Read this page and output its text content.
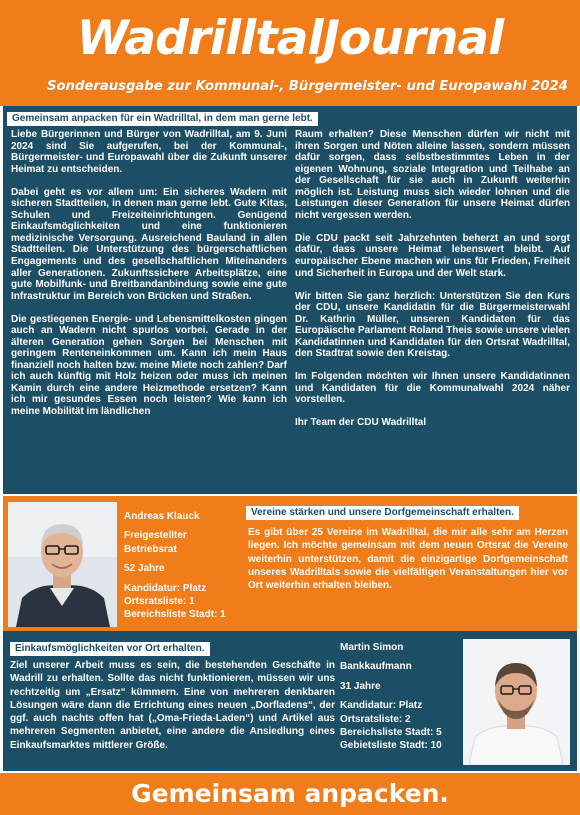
WadrilltalJournal
Sonderausgabe zur Kommunal-, Bürgermeister- und Europawahl 2024
Gemeinsam anpacken für ein Wadrilltal, in dem man gerne lebt.

Liebe Bürgerinnen und Bürger von Wadrilltal, am 9. Juni 2024 sind Sie aufgerufen, bei der Kommunal-, Bürgermeister- und Europawahl über die Zukunft unserer Heimat zu entscheiden.

Dabei geht es vor allem um: Ein sicheres Wadern mit sicheren Stadtteilen, in denen man gerne lebt. Gute Kitas, Schulen und Freizeiteinrichtungen. Genügend Einkaufsmöglichkeiten und eine funktionieren medizinische Versorgung. Ausreichend Bauland in allen Stadtteilen. Die Unterstützung des bürgerschaftlichen Engagements und des gesellschaftlichen Miteinanders aller Generationen. Zukunftssichere Arbeitsplätze, eine gute Mobilfunk- und Breitbandanbindung sowie eine gute Infrastruktur im Bereich von Brücken und Straßen.

Die gestiegenen Energie- und Lebensmittelkosten gingen auch an Wadern nicht spurlos vorbei. Gerade in der älteren Generation gehen Sorgen bei Menschen mit geringem Renteneinkommen um. Kann ich mein Haus finanziell noch halten bzw. meine Miete noch zahlen? Darf ich auch künftig mit Holz heizen oder muss ich meinen Kamin durch eine andere Heizmethode ersetzen? Kann ich mir gesundes Essen noch leisten? Wie kann ich meine Mobilität im ländlichen

Raum erhalten? Diese Menschen dürfen wir nicht mit ihren Sorgen und Nöten alleine lassen, sondern müssen dafür sorgen, dass selbstbestimmtes Leben in der eigenen Wohnung, soziale Integration und Teilhabe an der Gesellschaft für sie auch in Zukunft weiterhin möglich ist. Leistung muss sich wieder lohnen und die Leistungen dieser Generation für unsere Heimat dürfen nicht vergessen werden.

Die CDU packt seit Jahrzehnten beherzt an und sorgt dafür, dass unsere Heimat lebenswert bleibt. Auf europäischer Ebene machen wir uns für Frieden, Freiheit und Sicherheit in Europa und der Welt stark.

Wir bitten Sie ganz herzlich: Unterstützen Sie den Kurs der CDU, unsere Kandidatin für die Bürgermeisterwahl Dr. Kathrin Müller, unseren Kandidaten für das Europäische Parlament Roland Theis sowie unsere vielen Kandidatinnen und Kandidaten für den Ortsrat Wadrilltal, den Stadtrat sowie den Kreistag.

Im Folgenden möchten wir Ihnen unsere Kandidatinnen und Kandidaten für die Kommunalwahl 2024 näher vorstellen.

Ihr Team der CDU Wadrilltal

Andreas Klauck
Freigestellter
Betriebsrat
52 Jahre
Kandidatur: Platz
Ortsratsliste: 1
Bereichsliste Stadt: 1
Vereine stärken und unsere Dorfgemeinschaft erhalten.
Es gibt über 25 Vereine im Wadrilltal, die mir alle sehr am Herzen liegen. Ich möchte gemeinsam mit dem neuen Ortsrat die Vereine weiterhin unterstützen, damit die einzigartige Dorfgemeinschaft unseres Wadrilltals sowie die vielfältigen Veranstaltungen hier vor Ort weiterhin erhalten bleiben.
Einkaufsmöglichkeiten vor Ort erhalten.
Ziel unserer Arbeit muss es sein, die bestehenden Geschäfte in Wadrill zu erhalten. Sollte das nicht funktionieren, müssen wir uns rechtzeitig um „Ersatz“ kümmern. Eine von mehreren denkbaren Lösungen wäre dann die Errichtung eines neuen „Dorfladens“, der ggf. auch nachts offen hat („Oma-Frieda-Laden“) und Artikel aus mehreren Segmenten anbietet, eine andere die Ansiedlung eines Einkaufsmarktes mittlerer Größe.
Martin Simon
Bankkaufmann
31 Jahre
Kandidatur: Platz
Ortsratsliste: 2
Bereichsliste Stadt: 5
Gebietsliste Stadt: 10
Gemeinsam anpacken.
